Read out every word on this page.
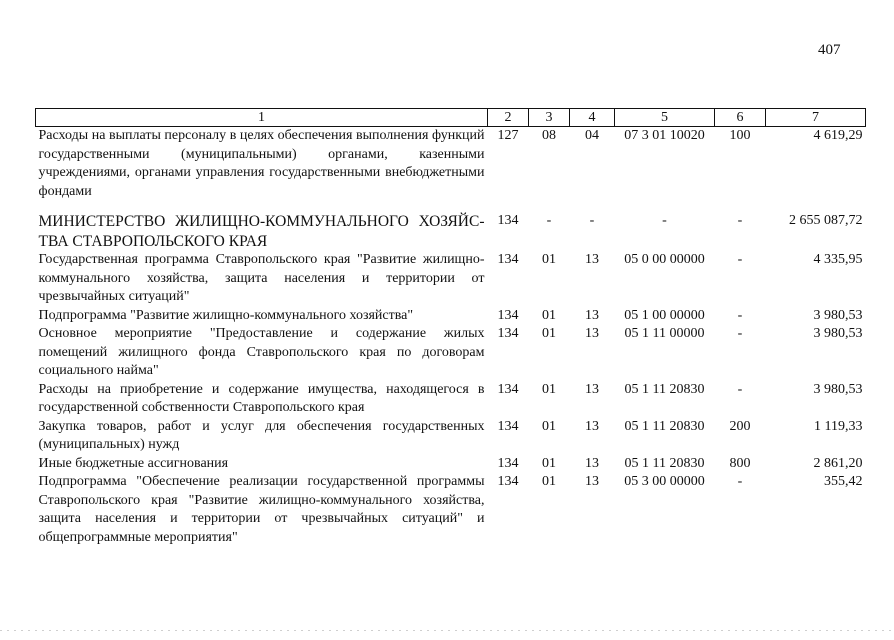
407
1	2	3	4	5	6	7
Расходы на выплаты персоналу в целях обеспечения выполнения функций государственными (муниципальными) органами, казенными учреждениями, органами управления государственными внебюджетными фондами	127	08	04	07 3 01 10020	100	4 619,29
МИНИСТЕРСТВО ЖИЛИЩНО-КОММУНАЛЬНОГО ХОЗЯЙС-ТВА СТАВРОПОЛЬСКОГО КРАЯ	134	-	-	-	-	2 655 087,72
Государственная программа Ставропольского края "Развитие жилищно-коммунального хозяйства, защита населения и территории от чрезвычайных ситуаций"	134	01	13	05 0 00 00000	-	4 335,95
Подпрограмма "Развитие жилищно-коммунального хозяйства"	134	01	13	05 1 00 00000	-	3 980,53
Основное мероприятие "Предоставление и содержание жилых помещений жилищного фонда Ставропольского края по договорам социального найма"	134	01	13	05 1 11 00000	-	3 980,53
Расходы на приобретение и содержание имущества, находящегося в государственной собственности Ставропольского края	134	01	13	05 1 11 20830	-	3 980,53
Закупка товаров, работ и услуг для обеспечения государственных (муниципальных) нужд	134	01	13	05 1 11 20830	200	1 119,33
Иные бюджетные ассигнования	134	01	13	05 1 11 20830	800	2 861,20
Подпрограмма "Обеспечение реализации государственной программы Ставропольского края "Развитие жилищно-коммунального хозяйства, защита населения и территории от чрезвычайных ситуаций" и общепрограммные мероприятия"	134	01	13	05 3 00 00000	-	355,42
